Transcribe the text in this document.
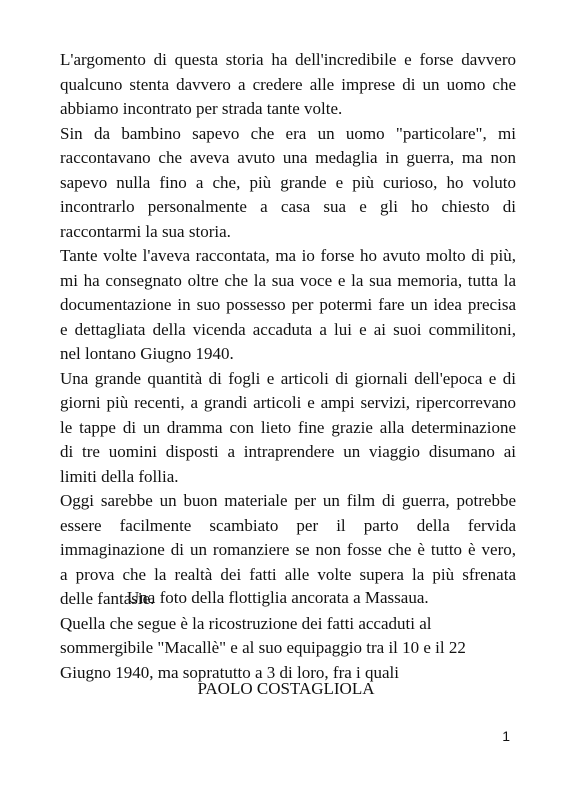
L'argomento di questa storia ha dell'incredibile e forse davvero
qualcuno stenta davvero a credere alle imprese di un uomo che
abbiamo incontrato per strada tante volte.
Sin da bambino sapevo che era un uomo "particolare", mi
raccontavano che aveva avuto una medaglia in guerra, ma non
sapevo nulla fino a che, più grande e più curioso, ho voluto
incontrarlo personalmente a casa sua e gli ho chiesto di
raccontarmi la sua storia.
Tante volte l'aveva raccontata, ma io forse ho avuto molto di più,
mi ha consegnato oltre che la sua voce e la sua memoria, tutta la
documentazione in suo possesso per potermi fare un idea precisa
e dettagliata della vicenda accaduta a lui e ai suoi commilitoni,
nel lontano Giugno 1940.
Una grande quantità di fogli e articoli di giornali dell'epoca e di
giorni più recenti, a grandi articoli e ampi servizi, ripercorrevano
le tappe di un dramma con lieto fine grazie alla determinazione
di tre uomini disposti a intraprendere un viaggio disumano ai
limiti della follia.
Oggi sarebbe un buon materiale per un film di guerra, potrebbe
essere facilmente scambiato per il parto della fervida
immaginazione di un romanziere se non fosse che è tutto è vero,
a prova che la realtà dei fatti alle volte supera la più sfrenata
delle fantasie.
Una foto della flottiglia ancorata a Massaua.
Quella che segue è la ricostruzione dei fatti accaduti al
sommergibile "Macallè" e al suo equipaggio tra il 10 e il 22
Giugno 1940, ma sopratutto a 3 di loro, fra i quali
PAOLO COSTAGLIOLA
1
